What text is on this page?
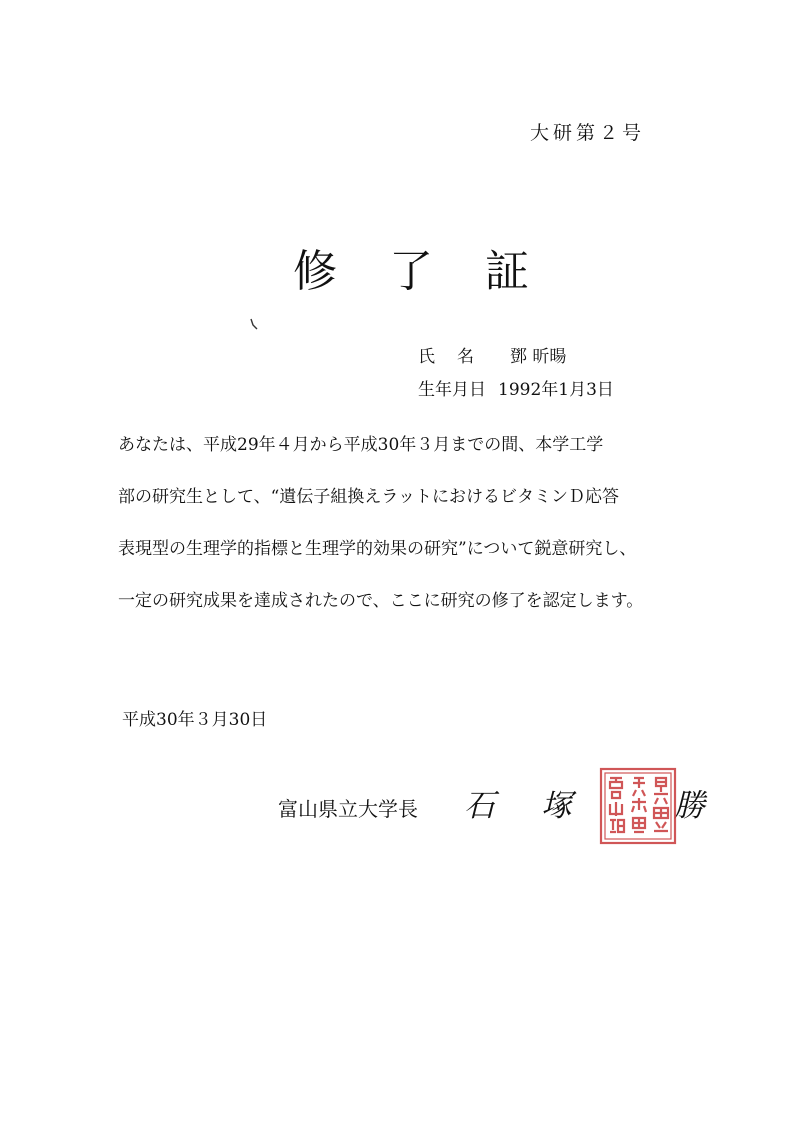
大研第２号
修了証
氏名 鄧 昕暘
生年月日 1992年1月3日
あなたは、平成29年４月から平成30年３月までの間、本学工学
部の研究生として、“遺伝子組換えラットにおけるビタミンＤ応答
表現型の生理学的指標と生理学的効果の研究”について鋭意研究し、
一定の研究成果を達成されたので、ここに研究の修了を認定します。
平成30年３月30日
富山県立大学長 石塚 勝
